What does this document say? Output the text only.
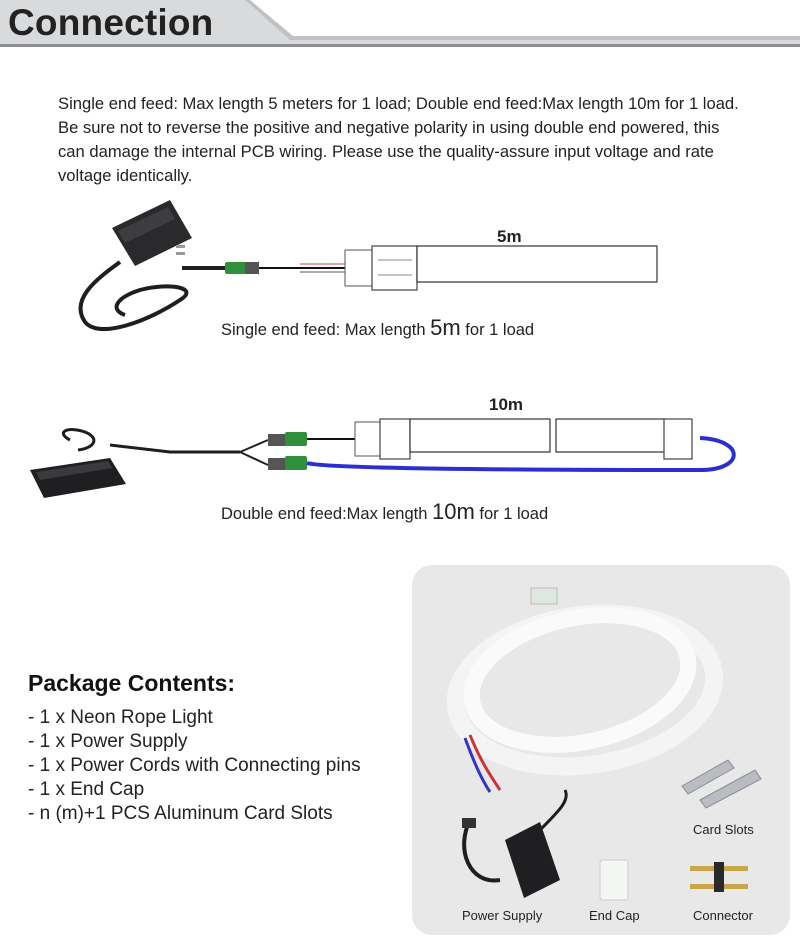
Connection
Single end feed: Max length 5 meters for 1 load; Double end feed:Max length 10m for 1 load. Be sure not to reverse the positive and negative polarity in using double end powered, this can damage the internal PCB wiring. Please use the quality-assure input voltage and rate voltage identically.
5m
Single end feed: Max length 5m for 1 load
10m
Double end feed:Max length 10m for 1 load
Package Contents:
- 1 x Neon Rope Light
- 1 x Power Supply
- 1 x Power Cords with Connecting pins
- 1 x End Cap
- n (m)+1 PCS Aluminum Card Slots
Card Slots
Power Supply	End Cap	Connector
